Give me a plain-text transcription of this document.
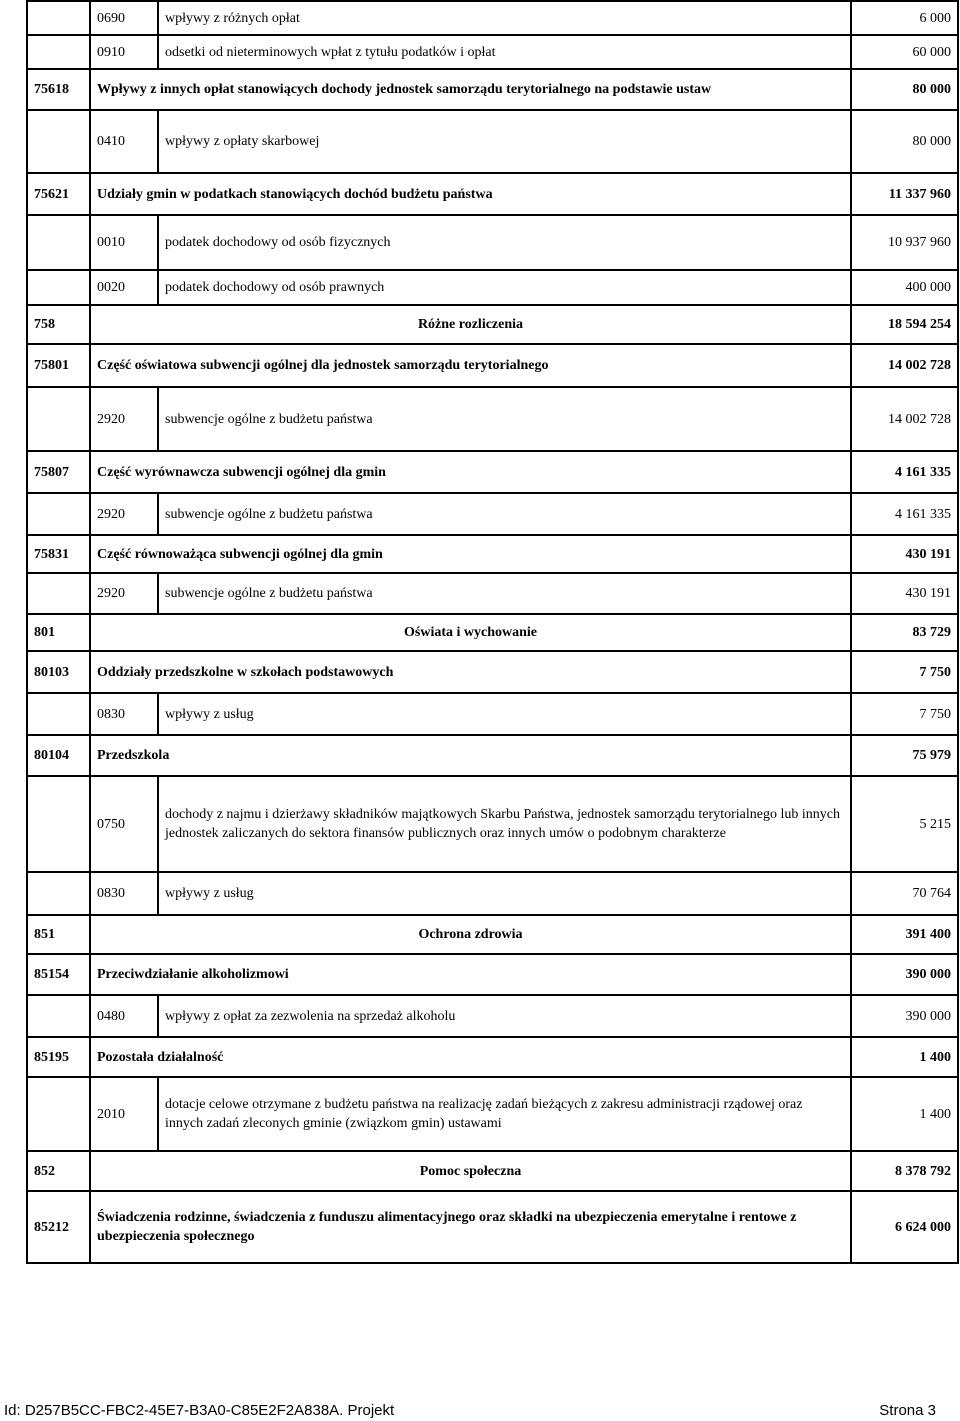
	0690	wpływy z różnych opłat	6 000
	0910	odsetki od nieterminowych wpłat z tytułu podatków i opłat	60 000
75618	Wpływy z innych opłat stanowiących dochody jednostek samorządu terytorialnego na podstawie ustaw		80 000
	0410	wpływy z opłaty skarbowej	80 000
75621	Udziały gmin w podatkach stanowiących dochód budżetu państwa		11 337 960
	0010	podatek dochodowy od osób fizycznych	10 937 960
	0020	podatek dochodowy od osób prawnych	400 000
758	Różne rozliczenia		18 594 254
75801	Część oświatowa subwencji ogólnej dla jednostek samorządu terytorialnego		14 002 728
	2920	subwencje ogólne z budżetu państwa	14 002 728
75807	Część wyrównawcza subwencji ogólnej dla gmin		4 161 335
	2920	subwencje ogólne z budżetu państwa	4 161 335
75831	Część równoważąca subwencji ogólnej dla gmin		430 191
	2920	subwencje ogólne z budżetu państwa	430 191
801	Oświata i wychowanie		83 729
80103	Oddziały przedszkolne w szkołach podstawowych		7 750
	0830	wpływy z usług	7 750
80104	Przedszkola		75 979
	0750	dochody z najmu i dzierżawy składników majątkowych Skarbu Państwa, jednostek samorządu terytorialnego lub innych jednostek zaliczanych do sektora finansów publicznych oraz innych umów o podobnym charakterze	5 215
	0830	wpływy z usług	70 764
851	Ochrona zdrowia		391 400
85154	Przeciwdziałanie alkoholizmowi		390 000
	0480	wpływy z opłat za zezwolenia na sprzedaż alkoholu	390 000
85195	Pozostała działalność		1 400
	2010	dotacje celowe otrzymane z budżetu państwa na realizację zadań bieżących z zakresu administracji rządowej oraz innych zadań zleconych gminie (związkom gmin) ustawami	1 400
852	Pomoc społeczna		8 378 792
85212	Świadczenia rodzinne, świadczenia z funduszu alimentacyjnego oraz składki na ubezpieczenia emerytalne i rentowe z ubezpieczenia społecznego		6 624 000
Id: D257B5CC-FBC2-45E7-B3A0-C85E2F2A838A. Projekt	Strona 3
